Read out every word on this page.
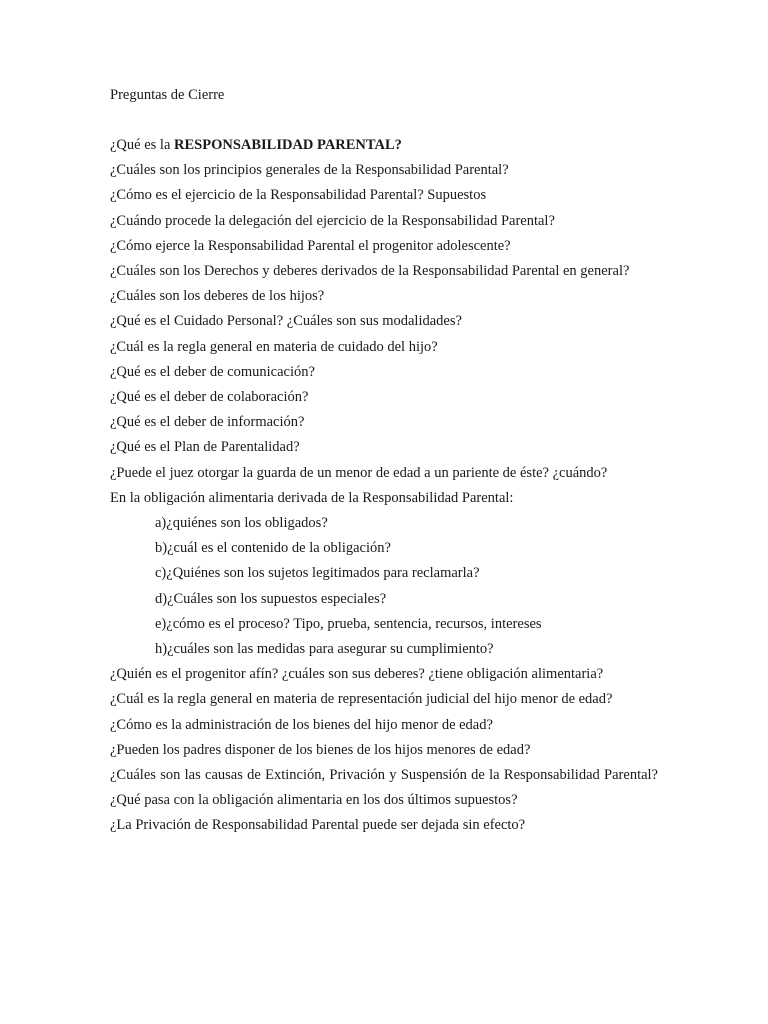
Preguntas de Cierre
¿Qué es la RESPONSABILIDAD PARENTAL?
¿Cuáles son los principios generales de la Responsabilidad Parental?
¿Cómo es el ejercicio de la Responsabilidad Parental? Supuestos
¿Cuándo procede la delegación del ejercicio de la Responsabilidad Parental?
¿Cómo ejerce la Responsabilidad Parental el progenitor adolescente?
¿Cuáles son los Derechos y deberes derivados de la Responsabilidad Parental en general?
¿Cuáles son los deberes de los hijos?
¿Qué es el Cuidado Personal? ¿Cuáles son sus modalidades?
¿Cuál es la regla general en materia de cuidado del hijo?
¿Qué es el deber de comunicación?
¿Qué es el deber de colaboración?
¿Qué es el deber de información?
¿Qué es el Plan de Parentalidad?
¿Puede el juez otorgar la guarda de un menor de edad a un pariente de éste? ¿cuándo?
En la obligación alimentaria derivada de la Responsabilidad Parental:
a)¿quiénes son los obligados?
b)¿cuál es el contenido de la obligación?
c)¿Quiénes son los sujetos legitimados para reclamarla?
d)¿Cuáles son los supuestos especiales?
e)¿cómo es el proceso? Tipo, prueba, sentencia, recursos, intereses
h)¿cuáles son las medidas para asegurar su cumplimiento?
¿Quién es el progenitor afín? ¿cuáles son sus deberes? ¿tiene obligación alimentaria?
¿Cuál es la regla general en materia de representación judicial del hijo menor de edad?
¿Cómo es la administración de los bienes del hijo menor de edad?
¿Pueden los padres disponer de los bienes de los hijos menores de edad?
¿Cuáles son las causas de Extinción, Privación y Suspensión de la Responsabilidad Parental? ¿Qué pasa con la obligación alimentaria en los dos últimos supuestos?
¿La Privación de Responsabilidad Parental puede ser dejada sin efecto?
